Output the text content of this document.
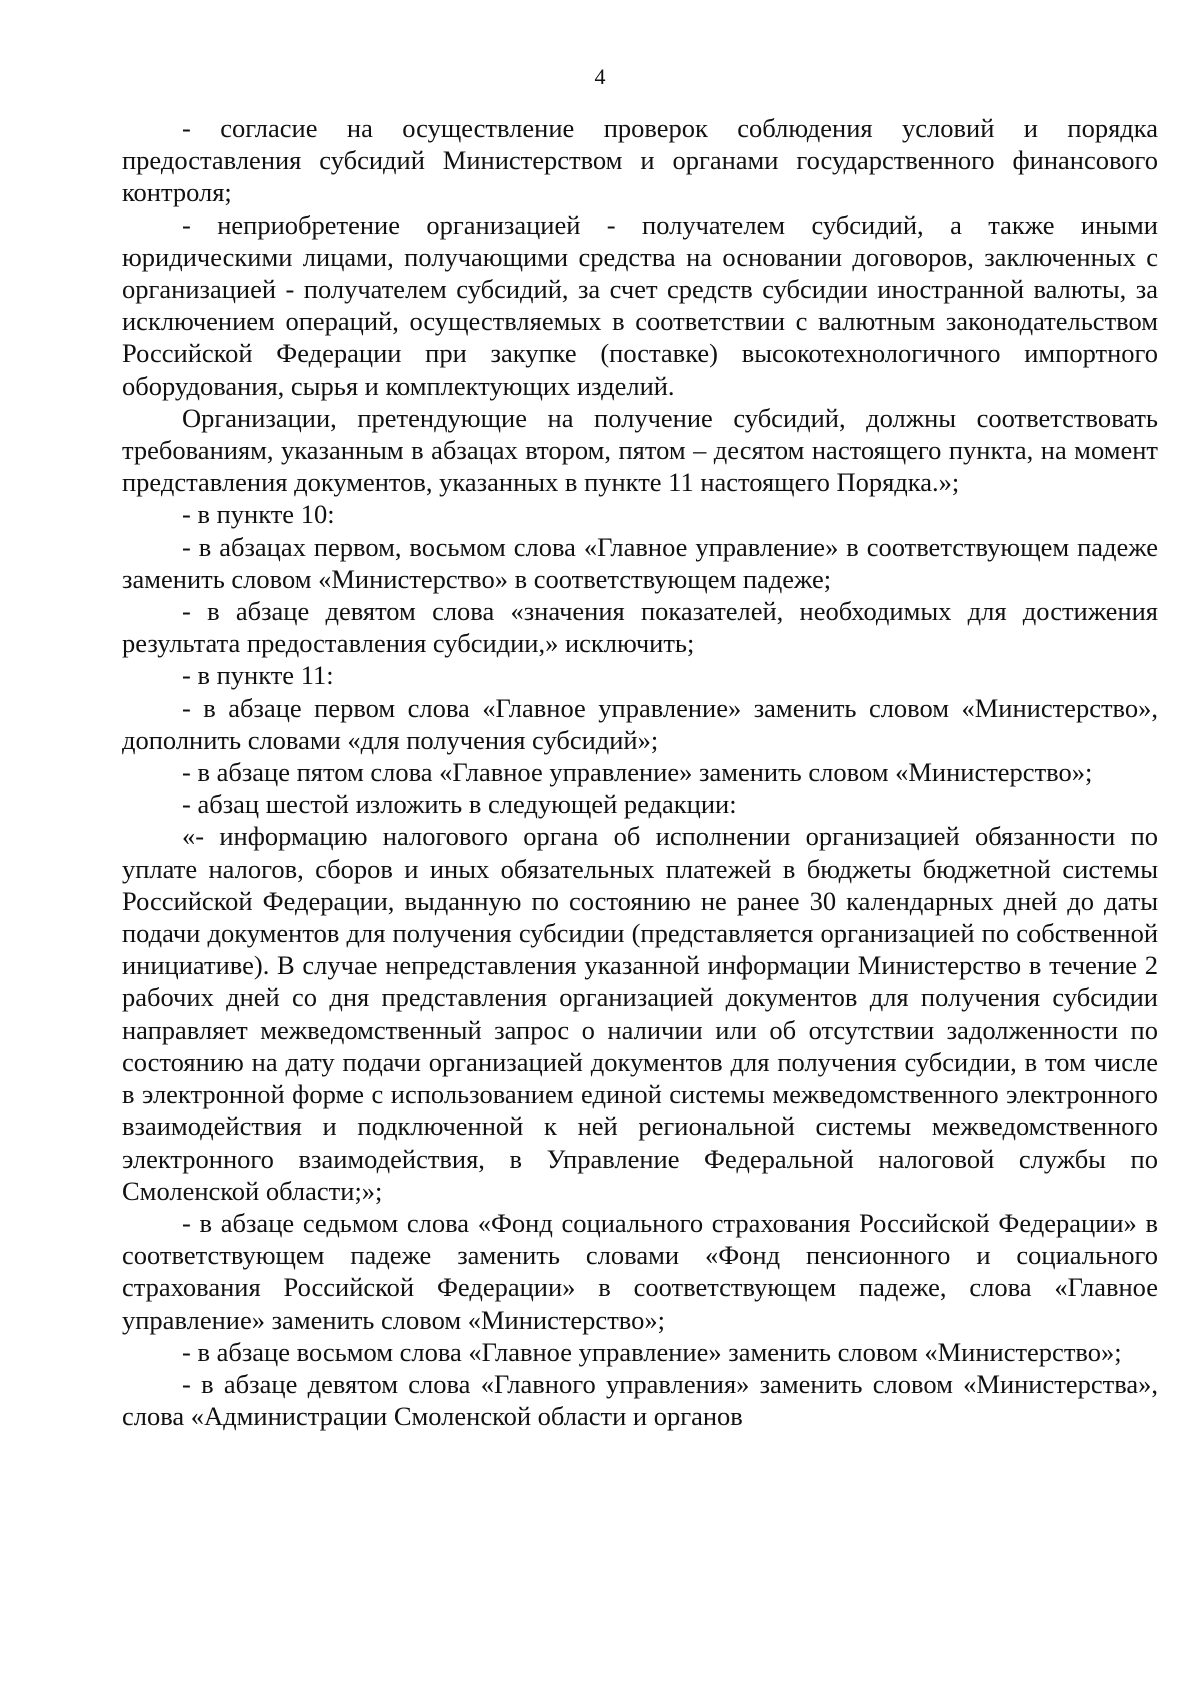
4

- согласие на осуществление проверок соблюдения условий и порядка предоставления субсидий Министерством и органами государственного финансового контроля;

- неприобретение организацией - получателем субсидий, а также иными юридическими лицами, получающими средства на основании договоров, заключенных с организацией - получателем субсидий, за счет средств субсидии иностранной валюты, за исключением операций, осуществляемых в соответствии с валютным законодательством Российской Федерации при закупке (поставке) высокотехнологичного импортного оборудования, сырья и комплектующих изделий.

Организации, претендующие на получение субсидий, должны соответствовать требованиям, указанным в абзацах втором, пятом – десятом настоящего пункта, на момент представления документов, указанных в пункте 11 настоящего Порядка.»;

- в пункте 10:

- в абзацах первом, восьмом слова «Главное управление» в соответствующем падеже заменить словом «Министерство» в соответствующем падеже;

- в абзаце девятом слова «значения показателей, необходимых для достижения результата предоставления субсидии,» исключить;

- в пункте 11:

- в абзаце первом слова «Главное управление» заменить словом «Министерство», дополнить словами «для получения субсидий»;

- в абзаце пятом слова «Главное управление» заменить словом «Министерство»;

- абзац шестой изложить в следующей редакции:

«- информацию налогового органа об исполнении организацией обязанности по уплате налогов, сборов и иных обязательных платежей в бюджеты бюджетной системы Российской Федерации, выданную по состоянию не ранее 30 календарных дней до даты подачи документов для получения субсидии (представляется организацией по собственной инициативе). В случае непредставления указанной информации Министерство в течение 2 рабочих дней со дня представления организацией документов для получения субсидии направляет межведомственный запрос о наличии или об отсутствии задолженности по состоянию на дату подачи организацией документов для получения субсидии, в том числе в электронной форме с использованием единой системы межведомственного электронного взаимодействия и подключенной к ней региональной системы межведомственного электронного взаимодействия, в Управление Федеральной налоговой службы по Смоленской области;»;

- в абзаце седьмом слова «Фонд социального страхования Российской Федерации» в соответствующем падеже заменить словами «Фонд пенсионного и социального страхования Российской Федерации» в соответствующем падеже, слова «Главное управление» заменить словом «Министерство»;

- в абзаце восьмом слова «Главное управление» заменить словом «Министерство»;

- в абзаце девятом слова «Главного управления» заменить словом «Министерства», слова «Администрации Смоленской области и органов
